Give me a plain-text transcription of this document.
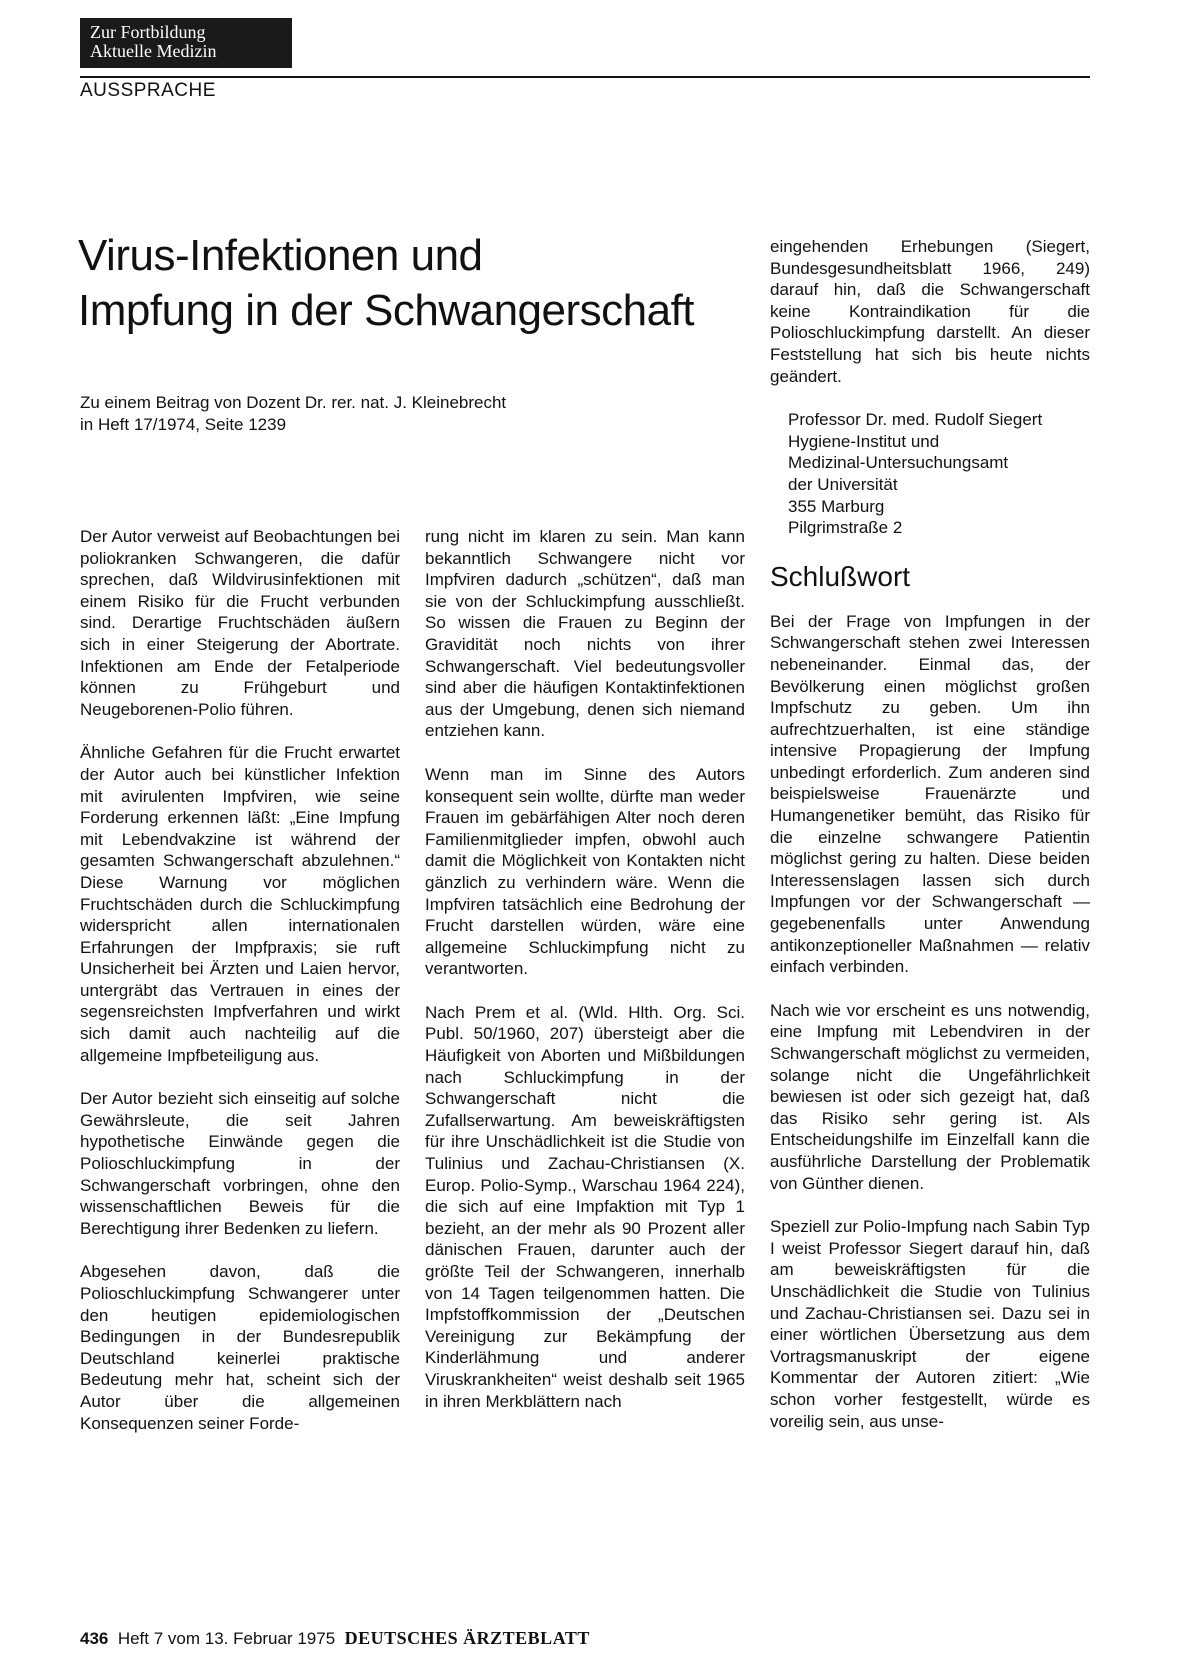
Zur Fortbildung
Aktuelle Medizin
AUSSPRACHE
Virus-Infektionen und
Impfung in der Schwangerschaft
Zu einem Beitrag von Dozent Dr. rer. nat. J. Kleinebrecht
in Heft 17/1974, Seite 1239

Der Autor verweist auf Beobachtungen bei poliokranken Schwangeren, die dafür sprechen, daß Wildvirusinfektionen mit einem Risiko für die Frucht verbunden sind. Derartige Fruchtschäden äußern sich in einer Steigerung der Abortrate. Infektionen am Ende der Fetalperiode können zu Frühgeburt und Neugeborenen-Polio führen.

Ähnliche Gefahren für die Frucht erwartet der Autor auch bei künstlicher Infektion mit avirulenten Impfviren, wie seine Forderung erkennen läßt: „Eine Impfung mit Lebendvakzine ist während der gesamten Schwangerschaft abzulehnen.“ Diese Warnung vor möglichen Fruchtschäden durch die Schluckimpfung widerspricht allen internationalen Erfahrungen der Impfpraxis; sie ruft Unsicherheit bei Ärzten und Laien hervor, untergräbt das Vertrauen in eines der segensreichsten Impfverfahren und wirkt sich damit auch nachteilig auf die allgemeine Impfbeteiligung aus.

Der Autor bezieht sich einseitig auf solche Gewährsleute, die seit Jahren hypothetische Einwände gegen die Polioschluckimpfung in der Schwangerschaft vorbringen, ohne den wissenschaftlichen Beweis für die Berechtigung ihrer Bedenken zu liefern.

Abgesehen davon, daß die Polioschluckimpfung Schwangerer unter den heutigen epidemiologischen Bedingungen in der Bundesrepublik Deutschland keinerlei praktische Bedeutung mehr hat, scheint sich der Autor über die allgemeinen Konsequenzen seiner Forde-

rung nicht im klaren zu sein. Man kann bekanntlich Schwangere nicht vor Impfviren dadurch „schützen“, daß man sie von der Schluckimpfung ausschließt. So wissen die Frauen zu Beginn der Gravidität noch nichts von ihrer Schwangerschaft. Viel bedeutungsvoller sind aber die häufigen Kontaktinfektionen aus der Umgebung, denen sich niemand entziehen kann.

Wenn man im Sinne des Autors konsequent sein wollte, dürfte man weder Frauen im gebärfähigen Alter noch deren Familienmitglieder impfen, obwohl auch damit die Möglichkeit von Kontakten nicht gänzlich zu verhindern wäre. Wenn die Impfviren tatsächlich eine Bedrohung der Frucht darstellen würden, wäre eine allgemeine Schluckimpfung nicht zu verantworten.

Nach Prem et al. (Wld. Hlth. Org. Sci. Publ. 50/1960, 207) übersteigt aber die Häufigkeit von Aborten und Mißbildungen nach Schluckimpfung in der Schwangerschaft nicht die Zufallserwartung. Am beweiskräftigsten für ihre Unschädlichkeit ist die Studie von Tulinius und Zachau-Christiansen (X. Europ. Polio-Symp., Warschau 1964 224), die sich auf eine Impfaktion mit Typ 1 bezieht, an der mehr als 90 Prozent aller dänischen Frauen, darunter auch der größte Teil der Schwangeren, innerhalb von 14 Tagen teilgenommen hatten. Die Impfstoffkommission der „Deutschen Vereinigung zur Bekämpfung der Kinderlähmung und anderer Viruskrankheiten“ weist deshalb seit 1965 in ihren Merkblättern nach

eingehenden Erhebungen (Siegert, Bundesgesundheitsblatt 1966, 249) darauf hin, daß die Schwangerschaft keine Kontraindikation für die Polioschluckimpfung darstellt. An dieser Feststellung hat sich bis heute nichts geändert.

Professor Dr. med. Rudolf Siegert
Hygiene-Institut und
Medizinal-Untersuchungsamt
der Universität
355 Marburg
Pilgrimstraße 2

Schlußwort

Bei der Frage von Impfungen in der Schwangerschaft stehen zwei Interessen nebeneinander. Einmal das, der Bevölkerung einen möglichst großen Impfschutz zu geben. Um ihn aufrechtzuerhalten, ist eine ständige intensive Propagierung der Impfung unbedingt erforderlich. Zum anderen sind beispielsweise Frauenärzte und Humangenetiker bemüht, das Risiko für die einzelne schwangere Patientin möglichst gering zu halten. Diese beiden Interessenslagen lassen sich durch Impfungen vor der Schwangerschaft — gegebenenfalls unter Anwendung antikonzeptioneller Maßnahmen — relativ einfach verbinden.

Nach wie vor erscheint es uns notwendig, eine Impfung mit Lebendviren in der Schwangerschaft möglichst zu vermeiden, solange nicht die Ungefährlichkeit bewiesen ist oder sich gezeigt hat, daß das Risiko sehr gering ist. Als Entscheidungshilfe im Einzelfall kann die ausführliche Darstellung der Problematik von Günther dienen.

Speziell zur Polio-Impfung nach Sabin Typ I weist Professor Siegert darauf hin, daß am beweiskräftigsten für die Unschädlichkeit die Studie von Tulinius und Zachau-Christiansen sei. Dazu sei in einer wörtlichen Übersetzung aus dem Vortragsmanuskript der eigene Kommentar der Autoren zitiert: „Wie schon vorher festgestellt, würde es voreilig sein, aus unse-

436 Heft 7 vom 13. Februar 1975 DEUTSCHES ÄRZTEBLATT
